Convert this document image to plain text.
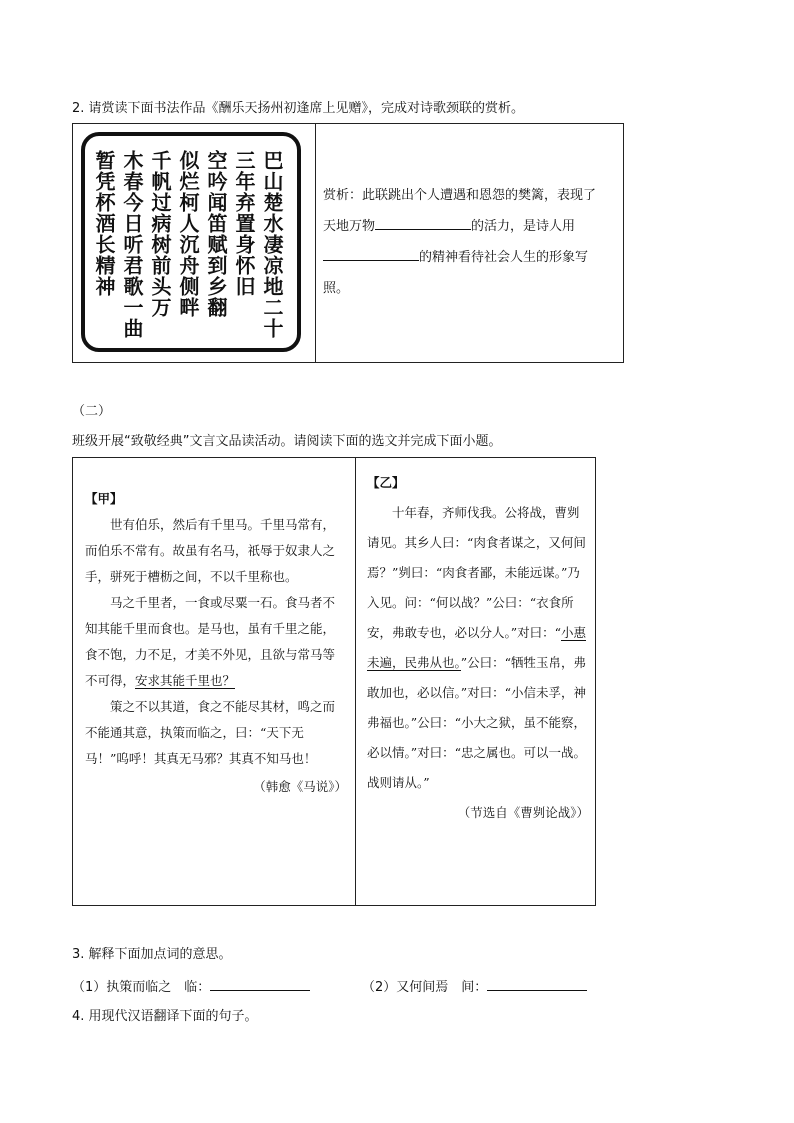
2. 请赏读下面书法作品《酬乐天扬州初逢席上见赠》，完成对诗歌颈联的赏析。
巴山楚水凄凉地二十
三年弃置身怀旧
空吟闻笛赋到乡翻
似烂柯人沉舟侧畔
千帆过病树前头万
木春今日听君歌一曲
暂凭杯酒长精神	赏析：此联跳出个人遭遇和恩怨的樊篱，表现了天地万物	的活力，是诗人用的精神看待社会人生的形象写照。
（二）
班级开展“致敬经典”文言文品读活动。请阅读下面的选文并完成下面小题。
【甲】

世有伯乐，然后有千里马。千里马常有，而伯乐不常有。故虽有名马，祇辱于奴隶人之手，骈死于槽枥之间，不以千里称也。

马之千里者，一食或尽粟一石。食马者不知其能千里而食也。是马也，虽有千里之能，食不饱，力不足，才美不外见，且欲与常马等不可得，安求其能千里也？

策之不以其道，食之不能尽其材，鸣之而不能通其意，执策而临之，曰：“天下无马！”呜呼！其真无马邪？其真不知马也！

（韩愈《马说》）
【乙】

十年春，齐师伐我。公将战，曹刿请见。其乡人曰：“肉食者谋之，又何间焉？”刿曰：“肉食者鄙，未能远谋。”乃入见。问：“何以战？”公曰：“衣食所安，弗敢专也，必以分人。”对曰：“小惠未遍，民弗从也。”公曰：“牺牲玉帛，弗敢加也，必以信。”对曰：“小信未孚，神弗福也。”公曰：“小大之狱，虽不能察，必以情。”对曰：“忠之属也。可以一战。战则请从。”

（节选自《曹刿论战》）
3. 解释下面加点词的意思。
（1）执策而临之　临：	（2）又何间焉　间：
4. 用现代汉语翻译下面的句子。
